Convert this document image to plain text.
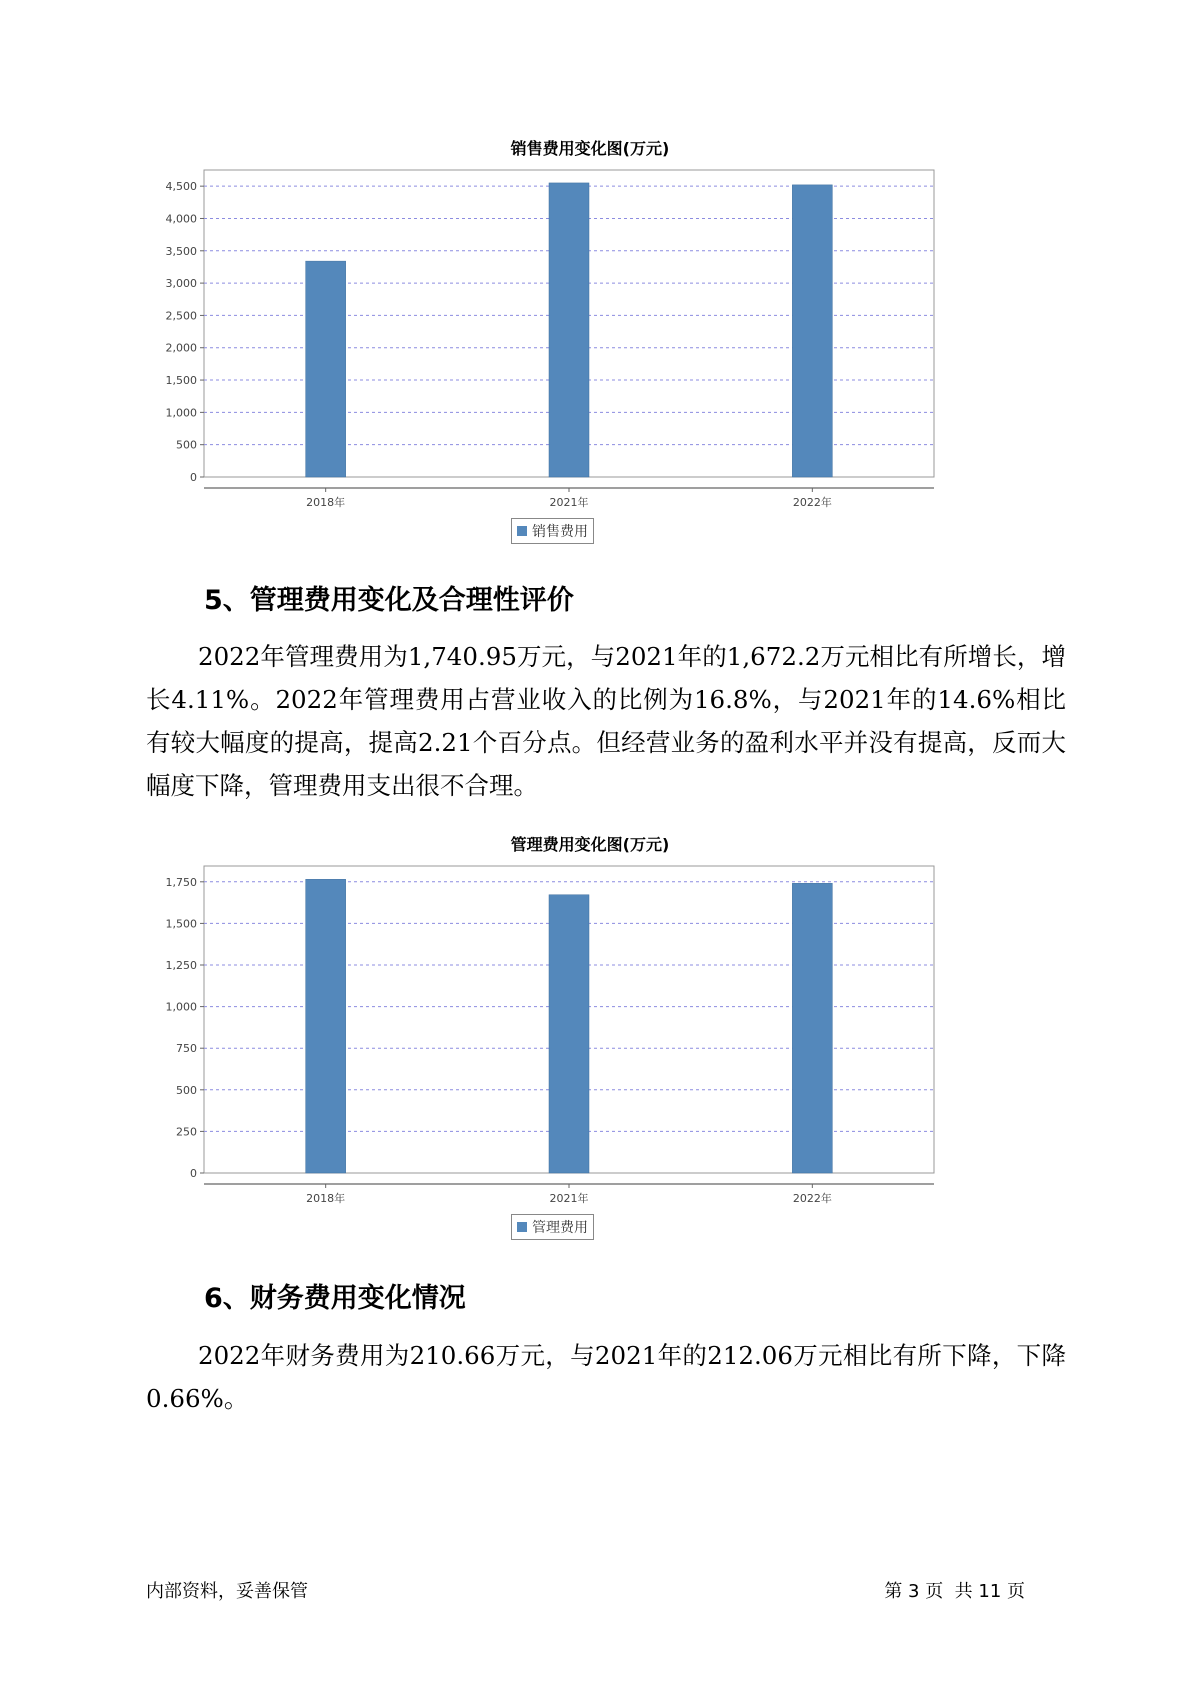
销售费用变化图(万元)
0
500
1,000
1,500
2,000
2,500
3,000
3,500
4,000
4,500
2018年	2021年	2022年
销售费用
5、管理费用变化及合理性评价

2022年管理费用为1,740.95万元，与2021年的1,672.2万元相比有所增长，增长4.11%。2022年管理费用占营业收入的比例为16.8%，与2021年的14.6%相比有较大幅度的提高，提高2.21个百分点。但经营业务的盈利水平并没有提高，反而大幅度下降，管理费用支出很不合理。

管理费用变化图(万元)
0
250
500
750
1,000
1,250
1,500
1,750
2018年	2021年	2022年
管理费用
6、财务费用变化情况

2022年财务费用为210.66万元，与2021年的212.06万元相比有所下降，下降0.66%。

内部资料，妥善保管	第 3 页  共 11 页
